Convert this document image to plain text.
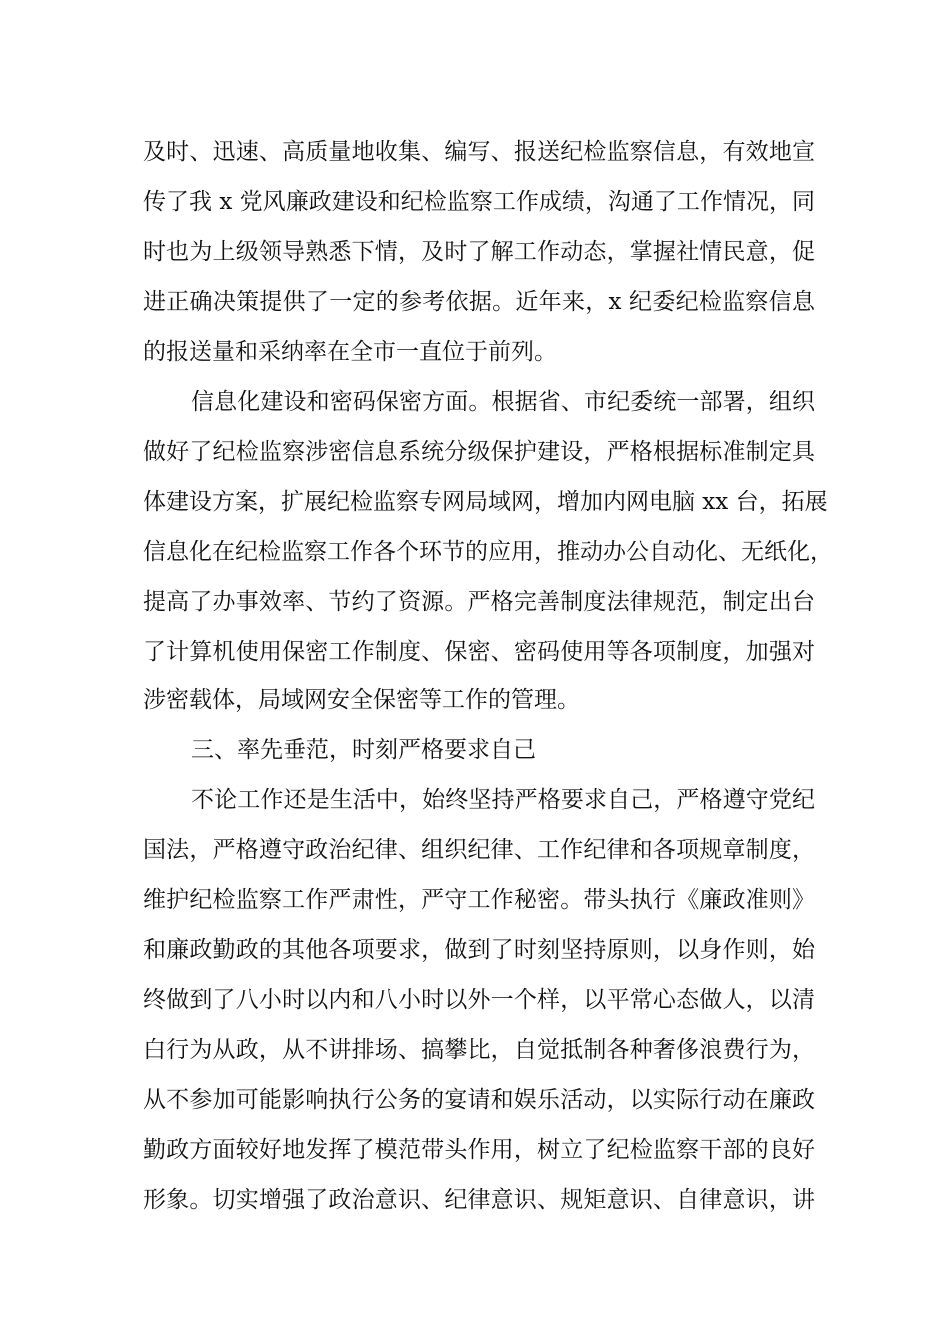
及时、迅速、高质量地收集、编写、报送纪检监察信息，有效地宣
传了我 x 党风廉政建设和纪检监察工作成绩，沟通了工作情况，同
时也为上级领导熟悉下情，及时了解工作动态，掌握社情民意，促
进正确决策提供了一定的参考依据。近年来，x 纪委纪检监察信息
的报送量和采纳率在全市一直位于前列。
信息化建设和密码保密方面。根据省、市纪委统一部署，组织
做好了纪检监察涉密信息系统分级保护建设，严格根据标准制定具
体建设方案，扩展纪检监察专网局域网，增加内网电脑 xx 台，拓展
信息化在纪检监察工作各个环节的应用，推动办公自动化、无纸化，
提高了办事效率、节约了资源。严格完善制度法律规范，制定出台
了计算机使用保密工作制度、保密、密码使用等各项制度，加强对
涉密载体，局域网安全保密等工作的管理。
三、率先垂范，时刻严格要求自己
不论工作还是生活中，始终坚持严格要求自己，严格遵守党纪
国法，严格遵守政治纪律、组织纪律、工作纪律和各项规章制度，
维护纪检监察工作严肃性，严守工作秘密。带头执行《廉政准则》
和廉政勤政的其他各项要求，做到了时刻坚持原则，以身作则，始
终做到了八小时以内和八小时以外一个样，以平常心态做人，以清
白行为从政，从不讲排场、搞攀比，自觉抵制各种奢侈浪费行为，
从不参加可能影响执行公务的宴请和娱乐活动，以实际行动在廉政
勤政方面较好地发挥了模范带头作用，树立了纪检监察干部的良好
形象。切实增强了政治意识、纪律意识、规矩意识、自律意识，讲
